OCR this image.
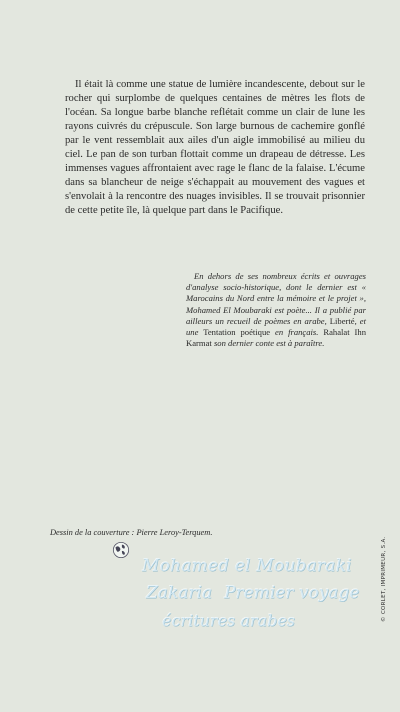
Il était là comme une statue de lumière incandescente, debout sur le rocher qui surplombe de quelques centaines de mètres les flots de l'océan. Sa longue barbe blanche reflétait comme un clair de lune les rayons cuivrés du crépuscule. Son large burnous de cachemire gonflé par le vent ressemblait aux ailes d'un aigle immobilisé au milieu du ciel. Le pan de son turban flottait comme un drapeau de détresse. Les immenses vagues affrontaient avec rage le flanc de la falaise. L'écume dans sa blancheur de neige s'échappait au mouvement des vagues et s'envolait à la rencontre des nuages invisibles. Il se trouvait prisonnier de cette petite île, là quelque part dans le Pacifique.

En dehors de ses nombreux écrits et ouvrages d'analyse socio-historique, dont le dernier est « Marocains du Nord entre la mémoire et le projet », Mohamed El Moubaraki est poète... Il a publié par ailleurs un recueil de poèmes en arabe, Liberté, et une Tentation poétique en français. Rahalat Ihn Karmat son dernier conte est à paraître.

Dessin de la couverture : Pierre Leroy-Terquem.

Mohamed el Moubaraki

Zakaria Premier voyage

écritures arabes	© CORLET, IMPRIMEUR, S.A.
